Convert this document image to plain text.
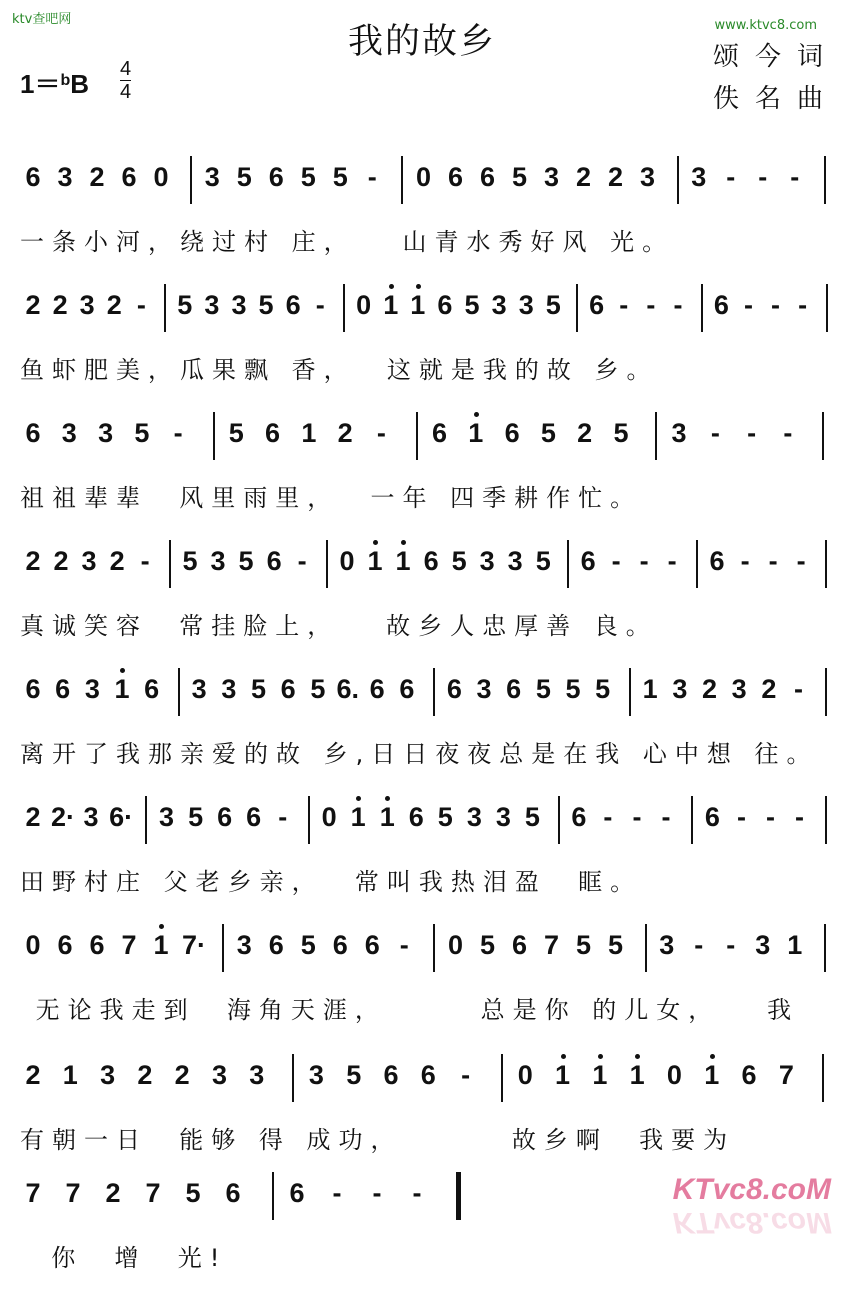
ktv查吧网	www.ktvc8.com
我的故乡	颂今词
佚名曲
1＝$^b$B 4
4
6 3 2 6 0 3 5 6 5 5 - 0 6 6 5 3 2 2 3 3 - - -
一条小河，绕过村 庄，   山青水秀好风 光。
2 2 3 2 - 5 3 3 5 6 - 0 1 1 6 5 3 3 5 6 - - - 6 - - -
鱼虾肥美，瓜果飘 香，  这就是我的故 乡。
6 3 3 5 - 5 6 1 2 - 6 1 6 5 2 5 3 - - -
祖祖辈辈  风里雨里，  一年 四季耕作忙。
2 2 3 2 - 5 3 5 6 - 0 1 1 6 5 3 3 5 6 - - - 6 - - -
真诚笑容  常挂脸上，   故乡人忠厚善 良。
6 6 3 1 6 3 3 5 6 5 6. 6 6 6 3 6 5 5 5 1 3 2 3 2 -
离开了我那亲爱的故 乡,日日夜夜总是在我 心中想 往。
2 2· 3 6· 3 5 6 6 - 0 1 1 6 5 3 3 5 6 - - - 6 - - -
田野村庄 父老乡亲，  常叫我热泪盈  眶。
0 6 6 7 1 7· 3 6 5 6 6 - 0 5 6 7 5 5 3 - - 3 1
无论我走到  海角天涯，      总是你 的儿女，   我
2 1 3 2 2 3 3 3 5 6 6 - 0 1 1 1 0 1 6 7
有朝一日  能够 得 成功，       故乡啊  我要为
7 7 2 7 5 6 6 - - -
你  增  光!
KTvc8.coM
KTvc8.coM
